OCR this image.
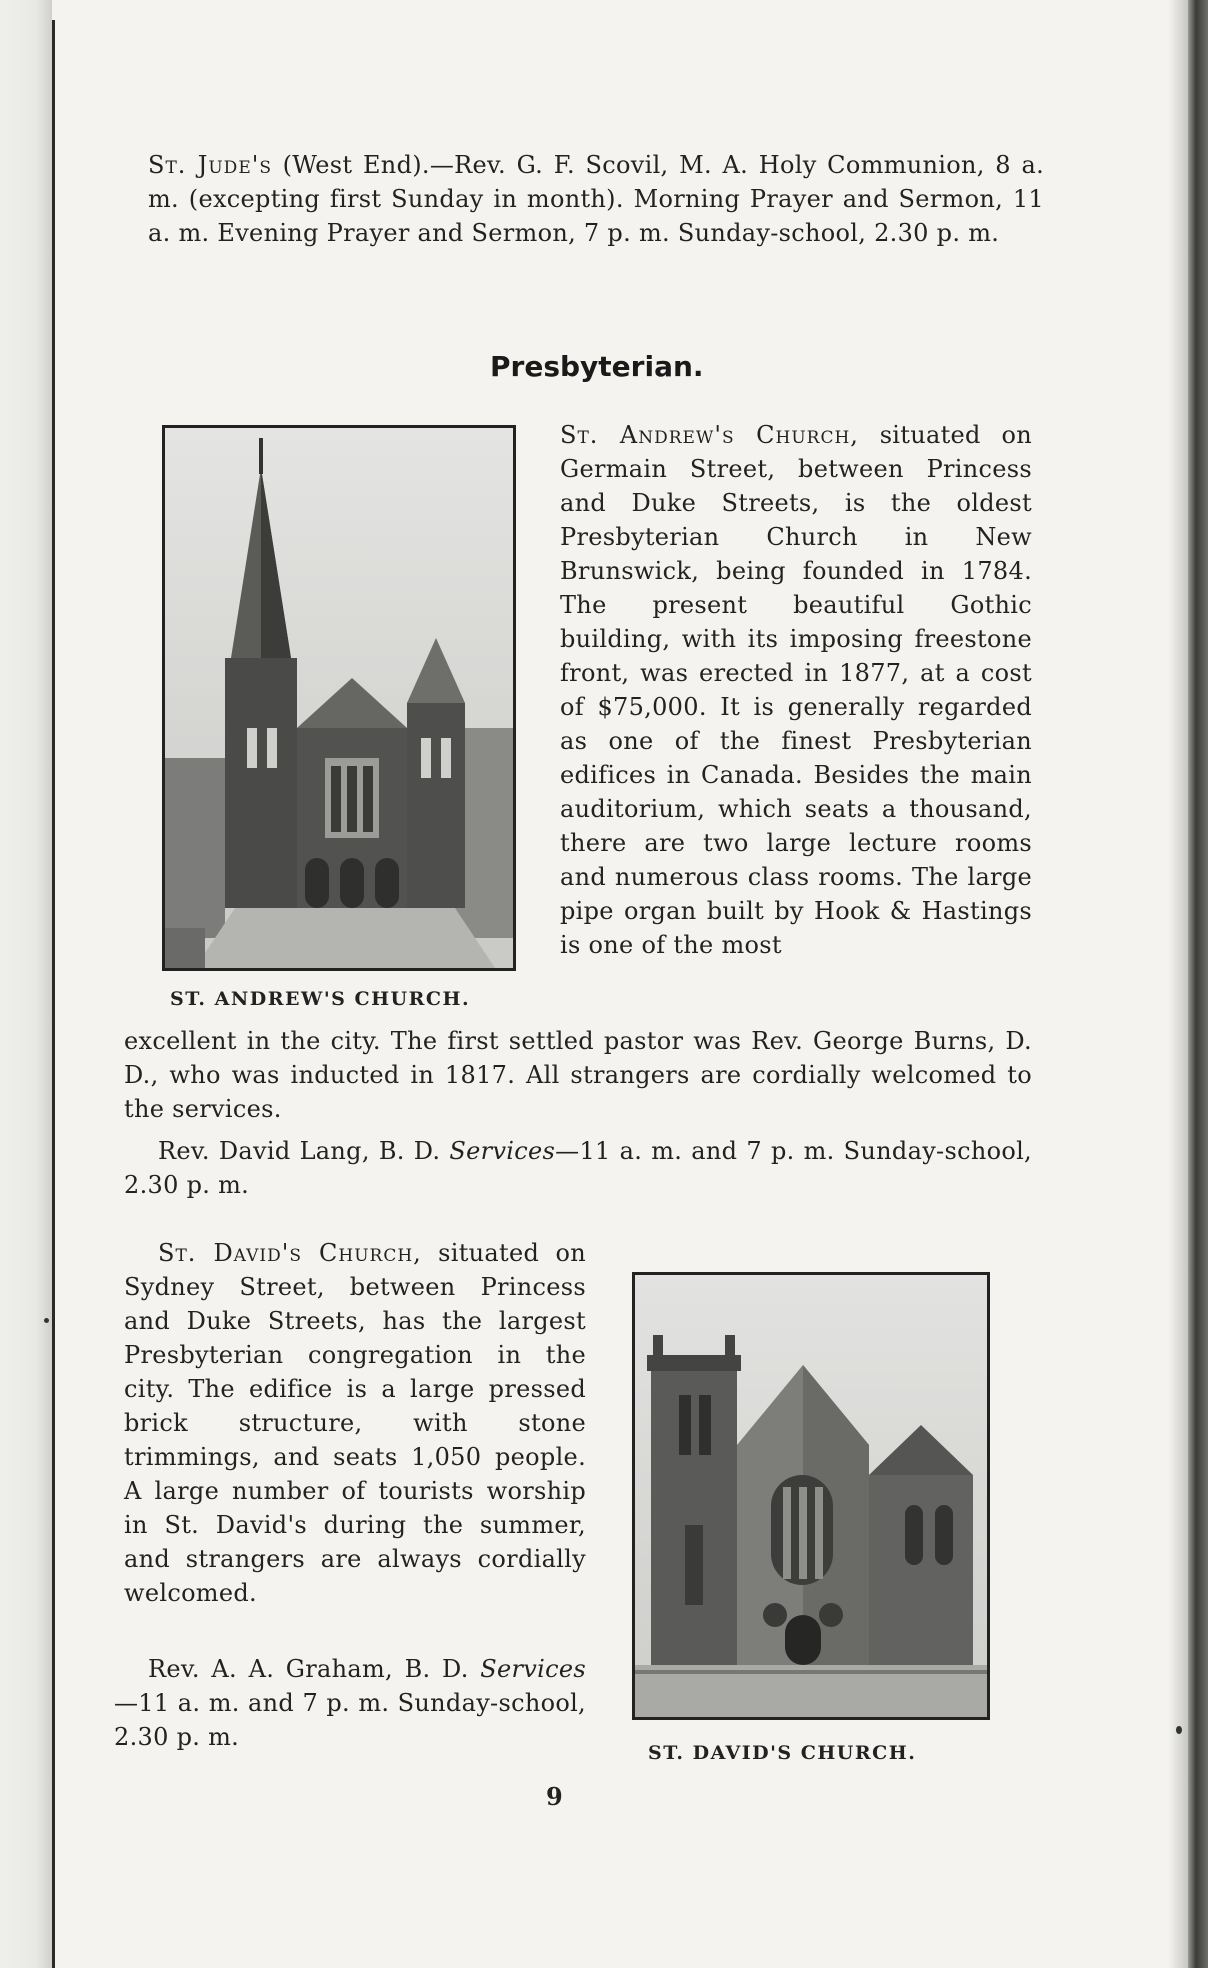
St. Jude's (West End).—Rev. G. F. Scovil, M. A. Holy Communion, 8 a. m. (excepting first Sunday in month). Morning Prayer and Sermon, 11 a. m. Evening Prayer and Sermon, 7 p. m. Sunday-school, 2.30 p. m.

Presbyterian.

ST. ANDREW'S CHURCH.

St. Andrew's Church, situated on Germain Street, between Princess and Duke Streets, is the oldest Presbyterian Church in New Brunswick, being founded in 1784. The present beautiful Gothic building, with its imposing freestone front, was erected in 1877, at a cost of $75,000. It is generally regarded as one of the finest Presbyterian edifices in Canada. Besides the main auditorium, which seats a thousand, there are two large lecture rooms and numerous class rooms. The large pipe organ built by Hook & Hastings is one of the most

excellent in the city. The first settled pastor was Rev. George Burns, D. D., who was inducted in 1817. All strangers are cordially welcomed to the services.

Rev. David Lang, B. D. Services—11 a. m. and 7 p. m. Sunday-school, 2.30 p. m.

St. David's Church, situated on Sydney Street, between Princess and Duke Streets, has the largest Presbyterian congregation in the city. The edifice is a large pressed brick structure, with stone trimmings, and seats 1,050 people. A large number of tourists worship in St. David's during the summer, and strangers are always cordially welcomed.

Rev. A. A. Graham, B. D. Services—11 a. m. and 7 p. m. Sunday-school, 2.30 p. m.

ST. DAVID'S CHURCH.

9
